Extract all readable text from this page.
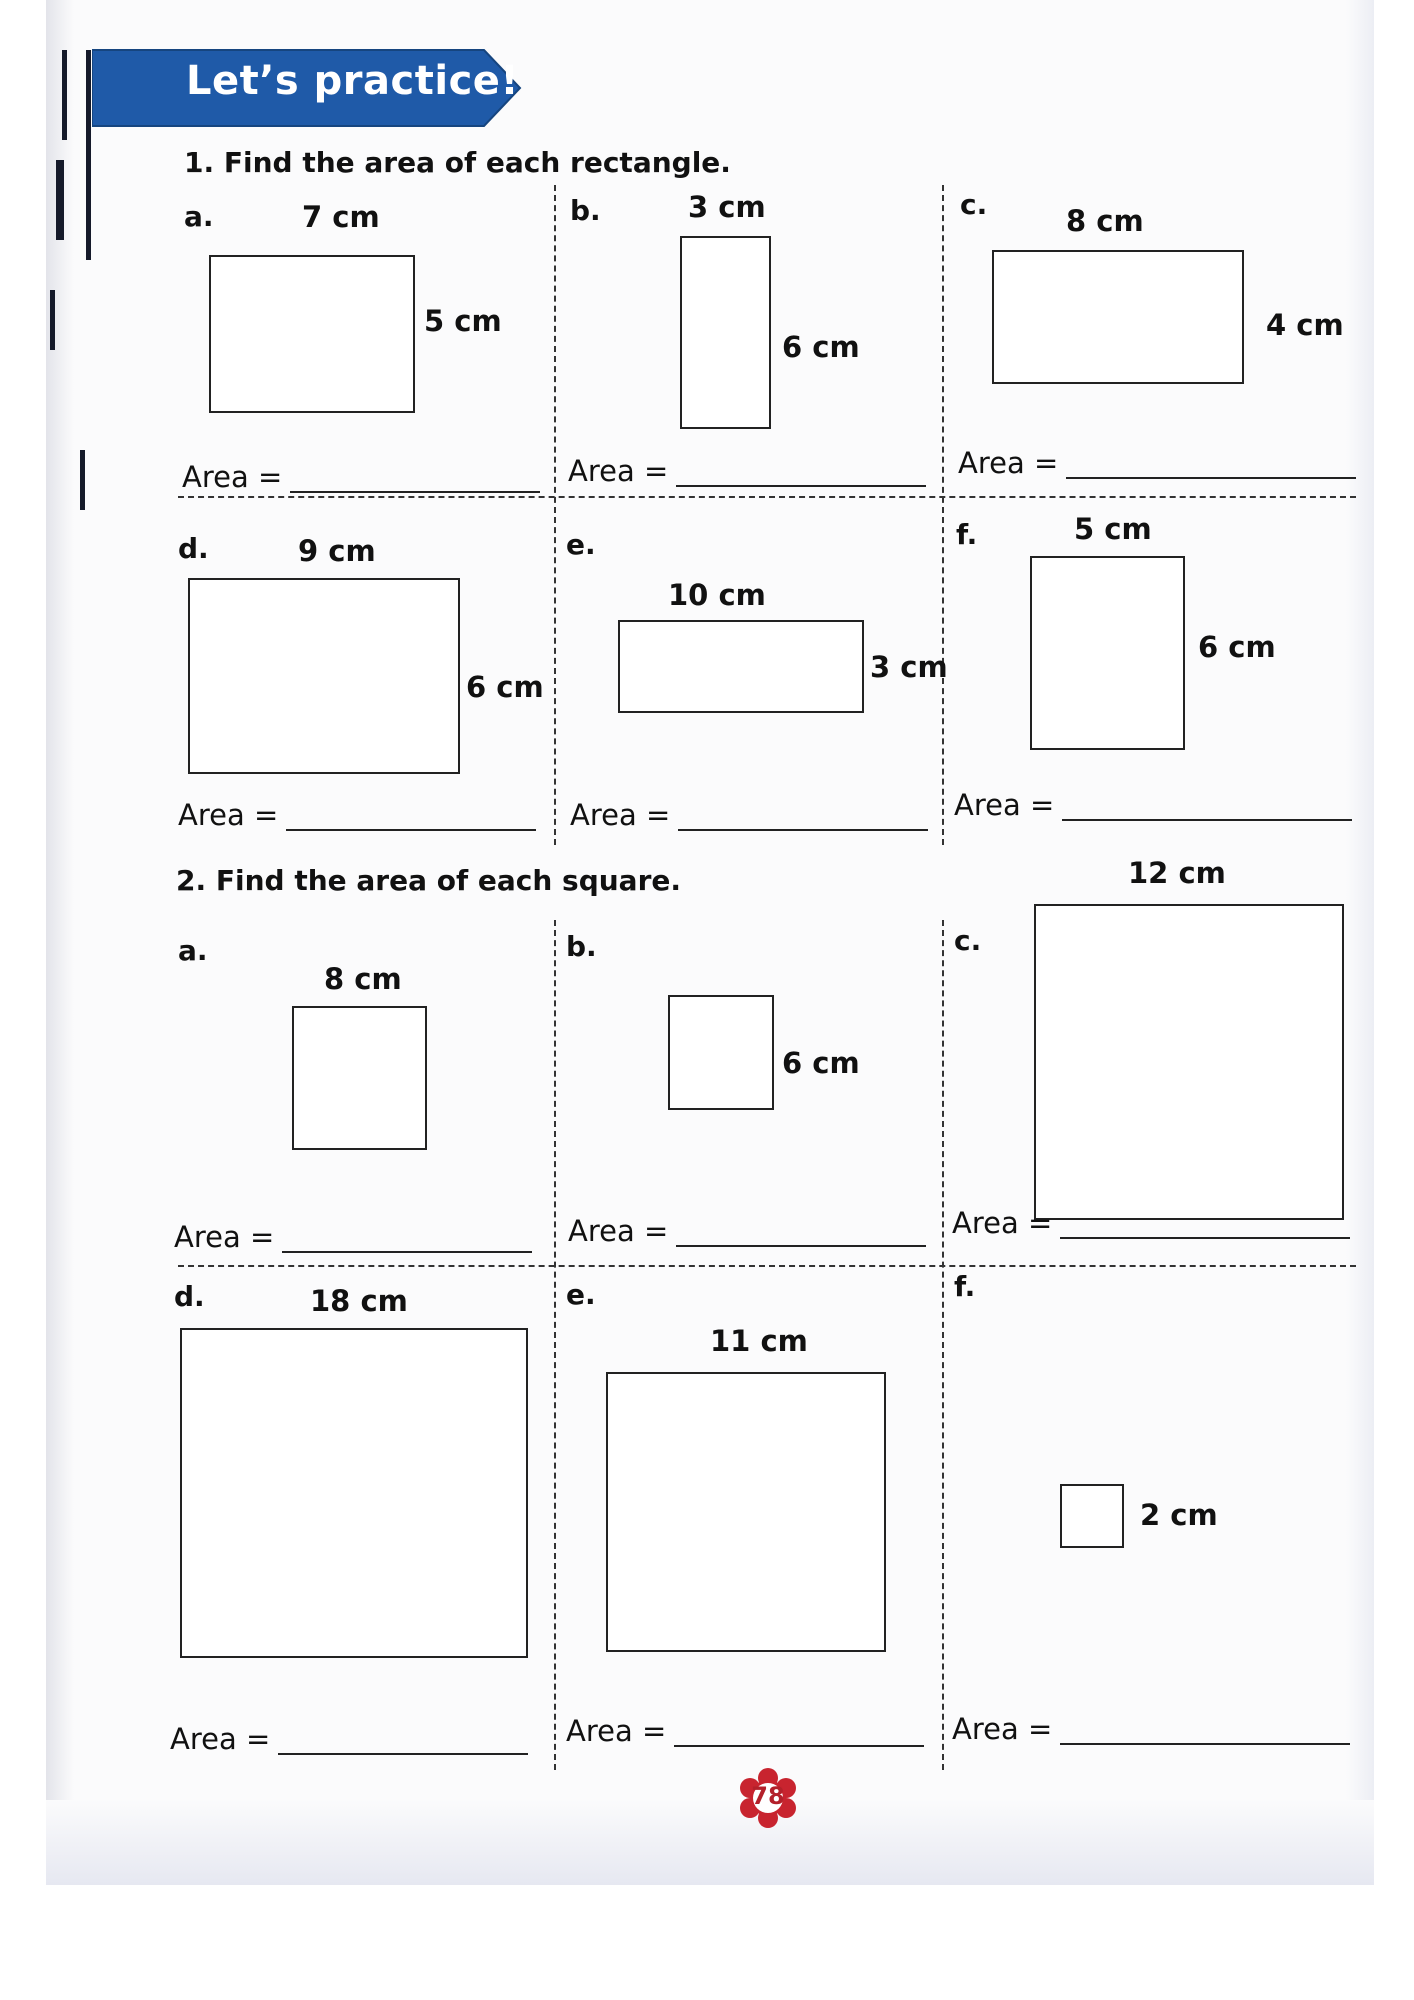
Let’s practice!
1. Find the area of each rectangle.
a.	7 cm
5 cm
Area =
b.	3 cm
6 cm
Area =
c.	8 cm
4 cm
Area =
d.	9 cm
6 cm
Area =
e.
10 cm
3 cm
Area =
f.	5 cm
6 cm
Area =
2. Find the area of each square.
a.
8 cm
Area =
b.
6 cm
Area =
c.
12 cm
Area =
d.	18 cm
Area =
e.
11 cm
Area =
f.
2 cm
Area =
78
